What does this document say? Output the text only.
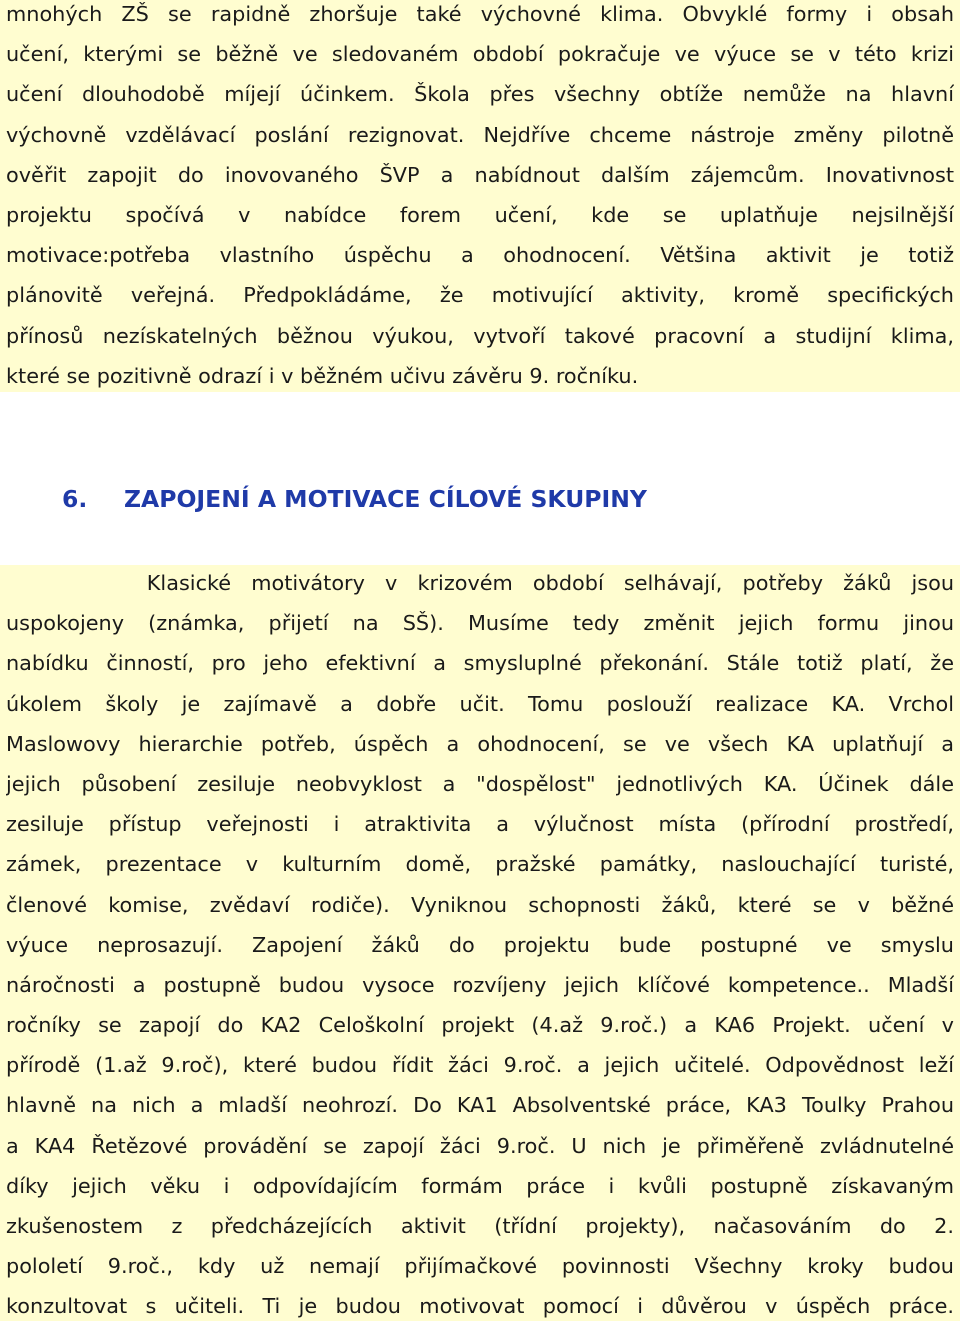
mnohých ZŠ se rapidně zhoršuje také výchovné klima. Obvyklé formy i obsah
učení, kterými se běžně ve sledovaném období pokračuje ve výuce se v této krizi
učení dlouhodobě míjejí účinkem. Škola přes všechny obtíže nemůže na hlavní
výchovně vzdělávací poslání rezignovat. Nejdříve chceme nástroje změny pilotně
ověřit zapojit do inovovaného ŠVP a nabídnout dalším zájemcům. Inovativnost
projektu spočívá v nabídce forem učení, kde se uplatňuje nejsilnější
motivace:potřeba vlastního úspěchu a ohodnocení. Většina aktivit je totiž
plánovitě veřejná. Předpokládáme, že motivující aktivity, kromě specifických
přínosů nezískatelných běžnou výukou, vytvoří takové pracovní a studijní klima,
které se pozitivně odrazí i v běžném učivu závěru 9. ročníku.
6. ZAPOJENÍ A MOTIVACE CÍLOVÉ SKUPINY
Klasické motivátory v krizovém období selhávají, potřeby žáků jsou
uspokojeny (známka, přijetí na SŠ). Musíme tedy změnit jejich formu jinou
nabídku činností, pro jeho efektivní a smysluplné překonání. Stále totiž platí, že
úkolem školy je zajímavě a dobře učit. Tomu poslouží realizace KA. Vrchol
Maslowovy hierarchie potřeb, úspěch a ohodnocení, se ve všech KA uplatňují a
jejich působení zesiluje neobvyklost a "dospělost" jednotlivých KA. Účinek dále
zesiluje přístup veřejnosti i atraktivita a výlučnost místa (přírodní prostředí,
zámek, prezentace v kulturním domě, pražské památky, naslouchající turisté,
členové komise, zvědaví rodiče). Vyniknou schopnosti žáků, které se v běžné
výuce neprosazují. Zapojení žáků do projektu bude postupné ve smyslu
náročnosti a postupně budou vysoce rozvíjeny jejich klíčové kompetence.. Mladší
ročníky se zapojí do KA2 Celoškolní projekt (4.až 9.roč.) a KA6 Projekt. učení v
přírodě (1.až 9.roč), které budou řídit žáci 9.roč. a jejich učitelé. Odpovědnost leží
hlavně na nich a mladší neohrozí. Do KA1 Absolventské práce, KA3 Toulky Prahou
a KA4 Řetězové provádění se zapojí žáci 9.roč. U nich je přiměřeně zvládnutelné
díky jejich věku i odpovídajícím formám práce i kvůli postupně získavaným
zkušenostem z předcházejících aktivit (třídní projekty), načasováním do 2.
pololetí 9.roč., kdy už nemají přijímačkové povinnosti Všechny kroky budou
konzultovat s učiteli. Ti je budou motivovat pomocí i důvěrou v úspěch práce.
